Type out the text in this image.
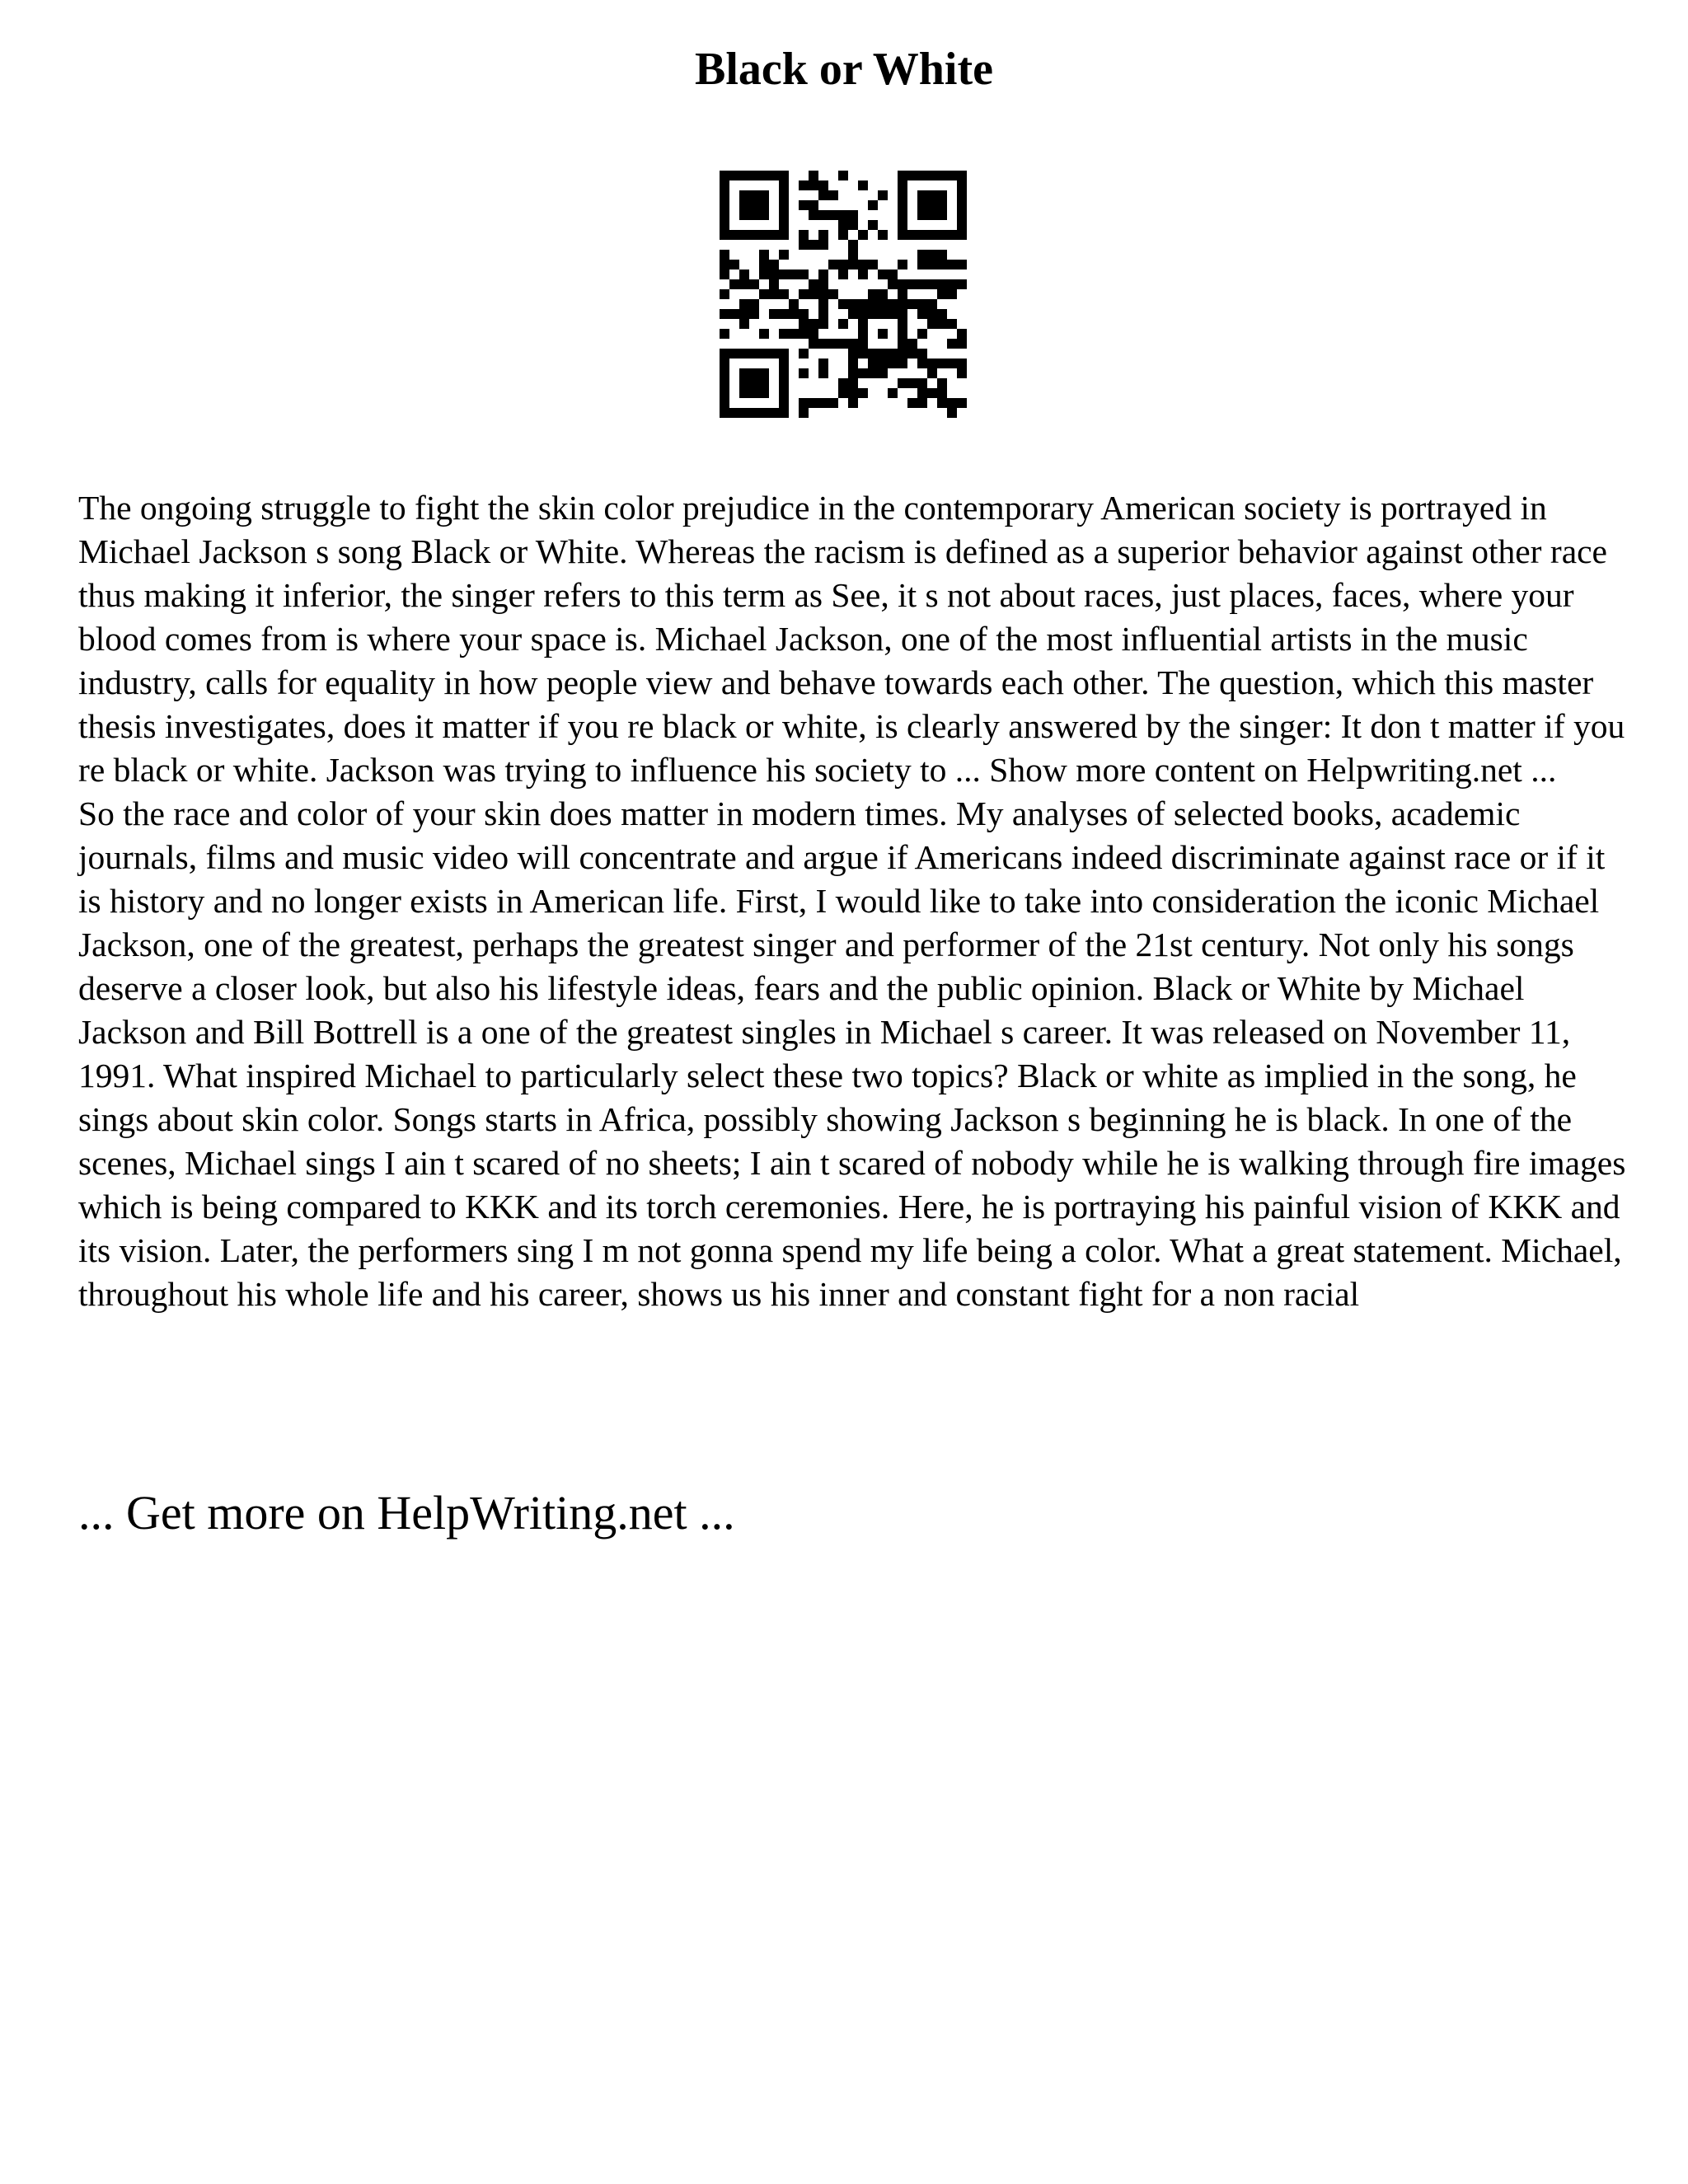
Black or White

The ongoing struggle to fight the skin color prejudice in the contemporary American society is portrayed in Michael Jackson s song Black or White. Whereas the racism is defined as a superior behavior against other race thus making it inferior, the singer refers to this term as See, it s not about races, just places, faces, where your blood comes from is where your space is. Michael Jackson, one of the most influential artists in the music industry, calls for equality in how people view and behave towards each other. The question, which this master thesis investigates, does it matter if you re black or white, is clearly answered by the singer: It don t matter if you re black or white. Jackson was trying to influence his society to ... Show more content on Helpwriting.net ...

So the race and color of your skin does matter in modern times. My analyses of selected books, academic journals, films and music video will concentrate and argue if Americans indeed discriminate against race or if it is history and no longer exists in American life. First, I would like to take into consideration the iconic Michael Jackson, one of the greatest, perhaps the greatest singer and performer of the 21st century. Not only his songs deserve a closer look, but also his lifestyle ideas, fears and the public opinion. Black or White by Michael Jackson and Bill Bottrell is a one of the greatest singles in Michael s career. It was released on November 11, 1991. What inspired Michael to particularly select these two topics? Black or white as implied in the song, he sings about skin color. Songs starts in Africa, possibly showing Jackson s beginning he is black. In one of the scenes, Michael sings I ain t scared of no sheets; I ain t scared of nobody while he is walking through fire images which is being compared to KKK and its torch ceremonies. Here, he is portraying his painful vision of KKK and its vision. Later, the performers sing I m not gonna spend my life being a color. What a great statement. Michael, throughout his whole life and his career, shows us his inner and constant fight for a non racial

... Get more on HelpWriting.net ...
